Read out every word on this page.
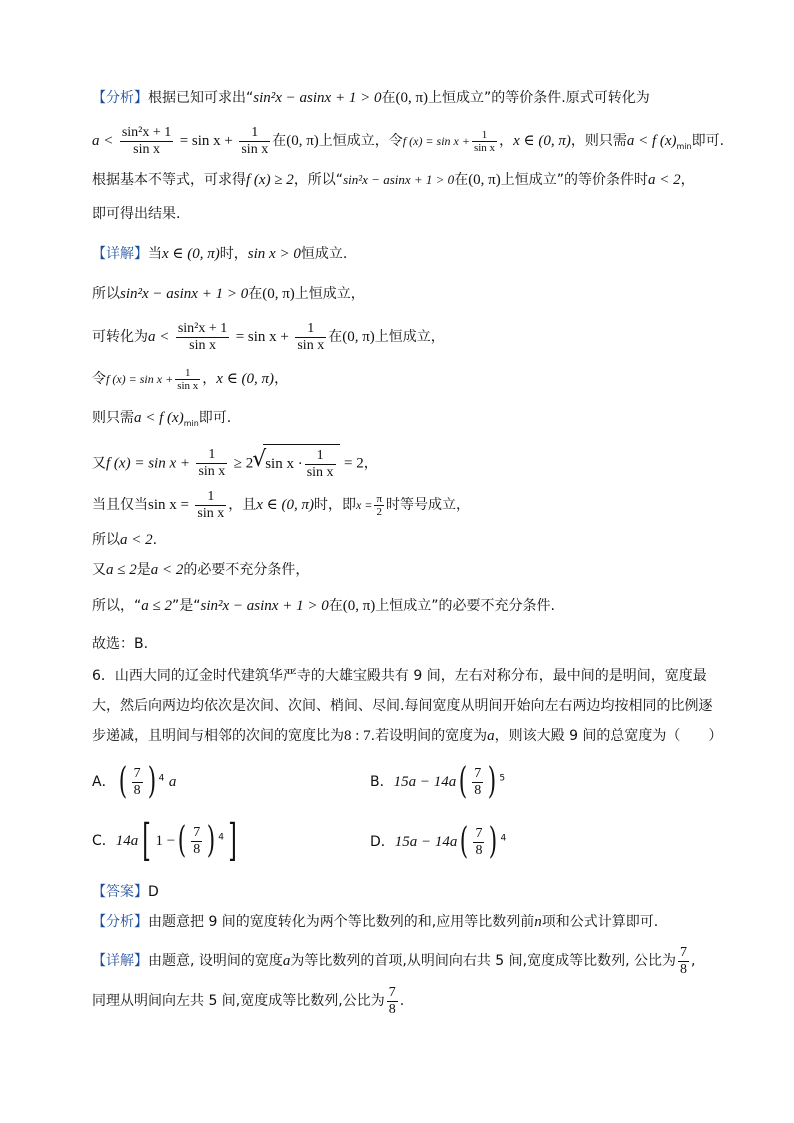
【分析】根据已知可求出“sin²x − asinx + 1 > 0在(0, π)上恒成立”的等价条件.原式可转化为
$a < \frac{\text{sin²x + 1}}{\text{sin x}} = \sin x + \frac{1}{\text{sin x}}$ 在(0, π)上恒成立，令f $(x) = \sin x + \frac{1}{\text{sin x}}$ ，x ∈ (0, π)，则只需a < f $(x)_{min}$即可.
根据基本不等式，可求得f (x) ≥ 2，所以“sin²x − asinx + 1 > 0在(0, π)上恒成立”的等价条件时a < 2，
即可得出结果.
【详解】当x ∈ (0, π)时，sin x > 0恒成立.
所以sin²x − asinx + 1 > 0在(0, π)上恒成立，
可转化为$a < \frac{\text{sin²x + 1}}{\text{sin x}} = \sin x + \frac{1}{\text{sin x}}$ 在(0, π)上恒成立，
令f $(x) = \sin x + \frac{1}{\text{sin x}}$ ，x ∈ (0, π)，
则只需a < f $(x)_{min}$即可.
又f $(x) = \sin x + \frac{1}{\text{sin x}} \ge 2√$ $\sin x \cdot \frac{1}{\text{sin x}} = 2$，
当且仅当$\sin x = \frac{1}{\text{sin x}}$ ，且x ∈ (0, π)时，即$x = \frac{\pi}{2}$ 时等号成立，
所以a < 2.
又a ≤ 2是a < 2的必要不充分条件，
所以，“a ≤ 2”是“sin²x − asinx + 1 > 0在(0, π)上恒成立”的必要不充分条件.
故选：B.
6．山西大同的辽金时代建筑华严寺的大雄宝殿共有 9 间，左右对称分布，最中间的是明间，宽度最
大，然后向两边均依次是次间、次间、梢间、尽间.每间宽度从明间开始向左右两边均按相同的比例逐
步递减，且明间与相邻的次间的宽度比为8 : 7.若设明间的宽度为a，则该大殿 9 间的总宽度为（　　）
A．( $\frac{7}{8}$ ) $^4$ a	B．$15a - 14a( \frac{7}{8}$ ) $^5$
C．14a[ 1 −( $\frac{7}{8}$ ) $^4$]	D．$15a - 14a( \frac{7}{8}$ ) $^4$
【答案】D
【分析】由题意把 9 间的宽度转化为两个等比数列的和,应用等比数列前n项和公式计算即可.
【详解】由题意, 设明间的宽度a为等比数列的首项,从明间向右共 5 间,宽度成等比数列, 公比为 $\frac{7}{8}$ ,
同理从明间向左共 5 间,宽度成等比数列,公比为 $\frac{7}{8}$ .
